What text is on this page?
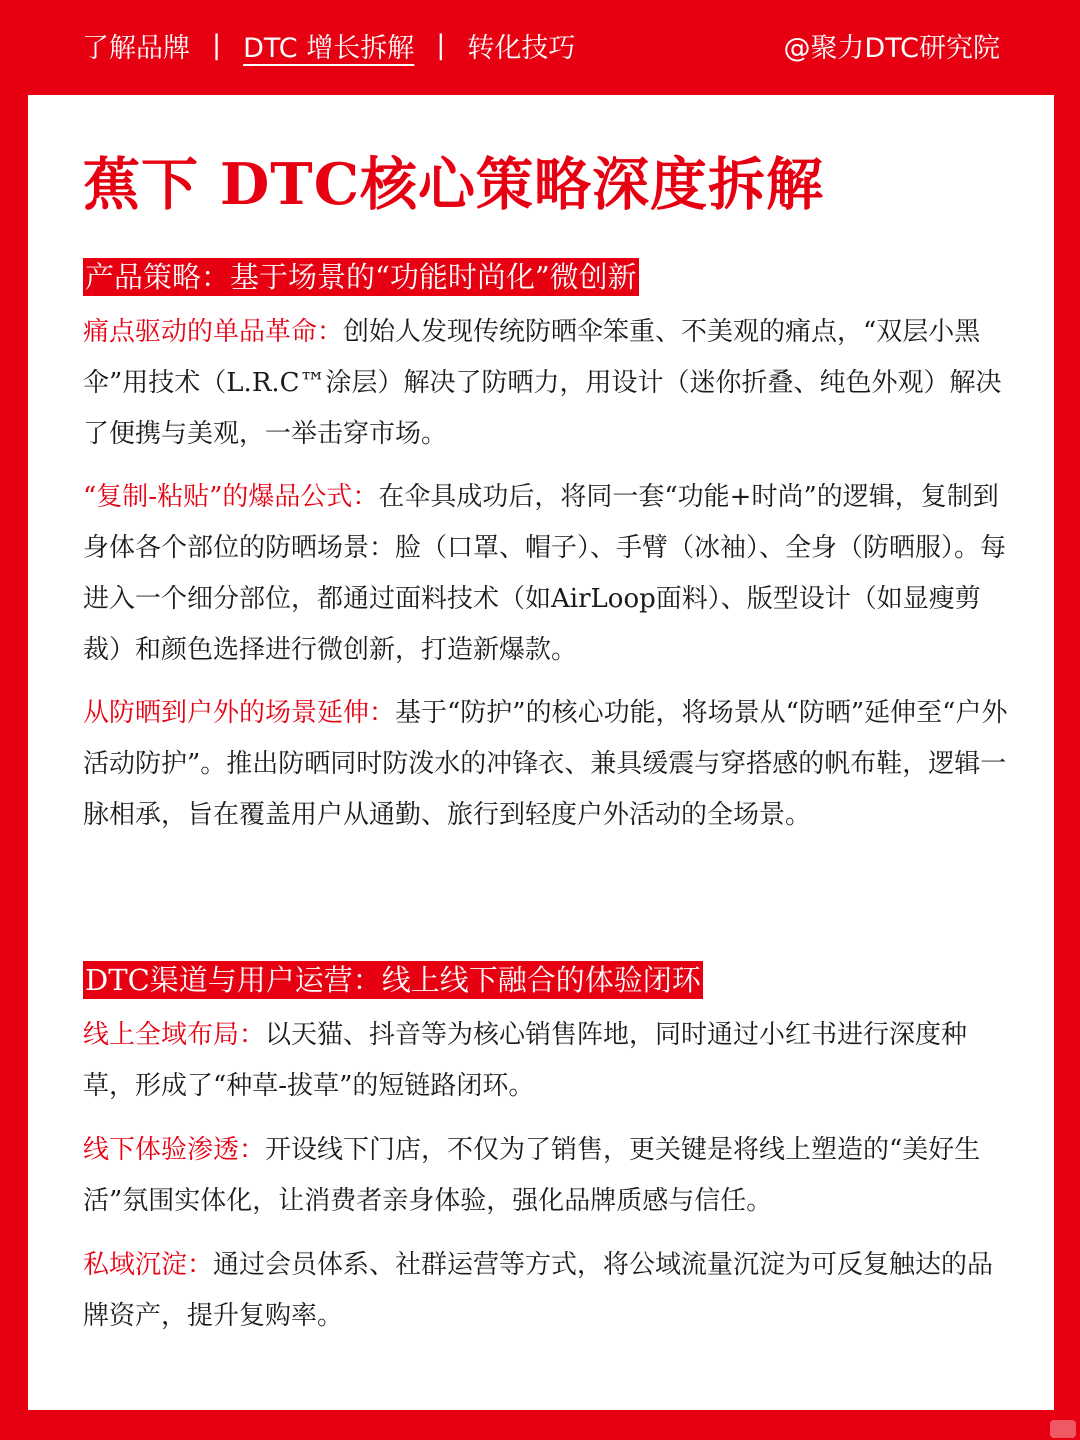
了解品牌 | DTC 增长拆解 | 转化技巧	@聚力DTC研究院
蕉下 DTC核心策略深度拆解
产品策略：基于场景的“功能时尚化”微创新

痛点驱动的单品革命：创始人发现传统防晒伞笨重、不美观的痛点，“双层小黑伞”用技术（L.R.C™涂层）解决了防晒力，用设计（迷你折叠、纯色外观）解决了便携与美观，一举击穿市场。

“复制-粘贴”的爆品公式：在伞具成功后，将同一套“功能+时尚”的逻辑，复制到身体各个部位的防晒场景：脸（口罩、帽子）、手臂（冰袖）、全身（防晒服）。每进入一个细分部位，都通过面料技术（如AirLoop面料）、版型设计（如显瘦剪裁）和颜色选择进行微创新，打造新爆款。

从防晒到户外的场景延伸：基于“防护”的核心功能，将场景从“防晒”延伸至“户外活动防护”。推出防晒同时防泼水的冲锋衣、兼具缓震与穿搭感的帆布鞋，逻辑一脉相承，旨在覆盖用户从通勤、旅行到轻度户外活动的全场景。

DTC渠道与用户运营：线上线下融合的体验闭环

线上全域布局：以天猫、抖音等为核心销售阵地，同时通过小红书进行深度种草，形成了“种草-拔草”的短链路闭环。

线下体验渗透：开设线下门店，不仅为了销售，更关键是将线上塑造的“美好生活”氛围实体化，让消费者亲身体验，强化品牌质感与信任。

私域沉淀：通过会员体系、社群运营等方式，将公域流量沉淀为可反复触达的品牌资产，提升复购率。
